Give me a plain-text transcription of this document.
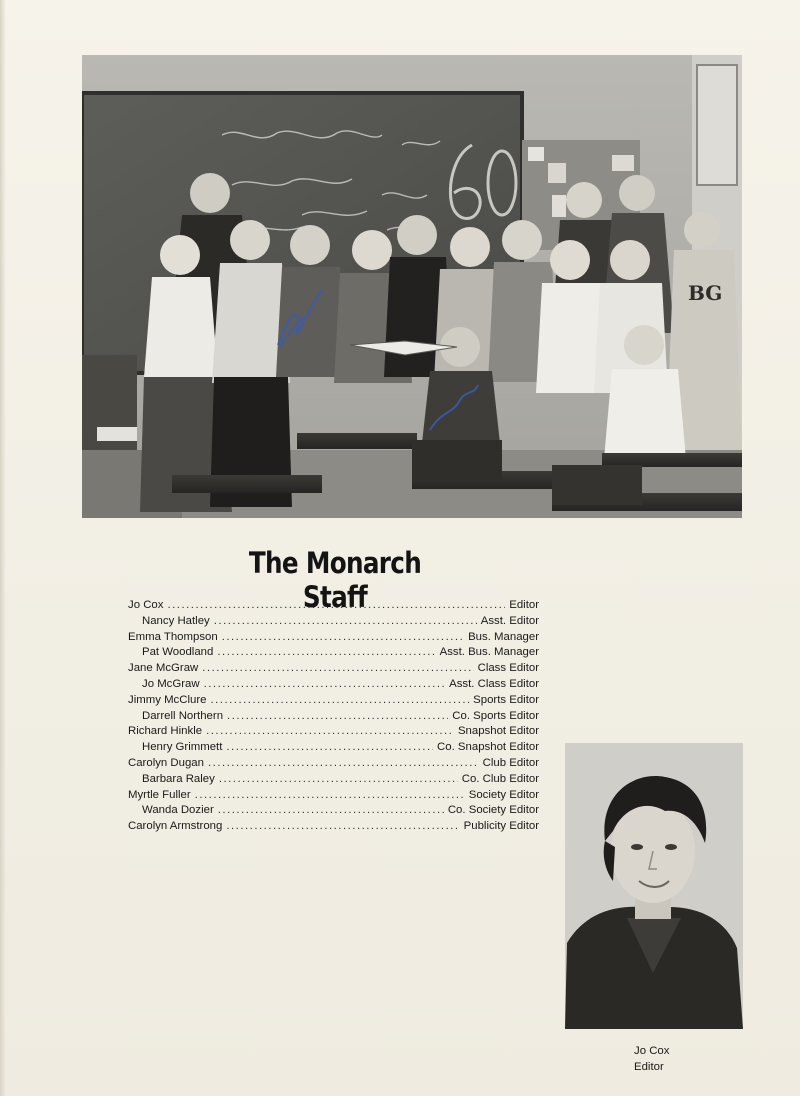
BG
The Monarch Staff
Jo Cox .....	Editor
Nancy Hatley .....	Asst. Editor
Emma Thompson .....	Bus. Manager
Pat Woodland .....	Asst. Bus. Manager
Jane McGraw .....	Class Editor
Jo McGraw .....	Asst. Class Editor
Jimmy McClure .....	Sports Editor
Darrell Northern .....	Co. Sports Editor
Richard Hinkle .....	Snapshot Editor
Henry Grimmett .....	Co. Snapshot Editor
Carolyn Dugan .....	Club Editor
Barbara Raley .....	Co. Club Editor
Myrtle Fuller .....	Society Editor
Wanda Dozier .....	Co. Society Editor
Carolyn Armstrong .....	Publicity Editor
Jo Cox
Editor
